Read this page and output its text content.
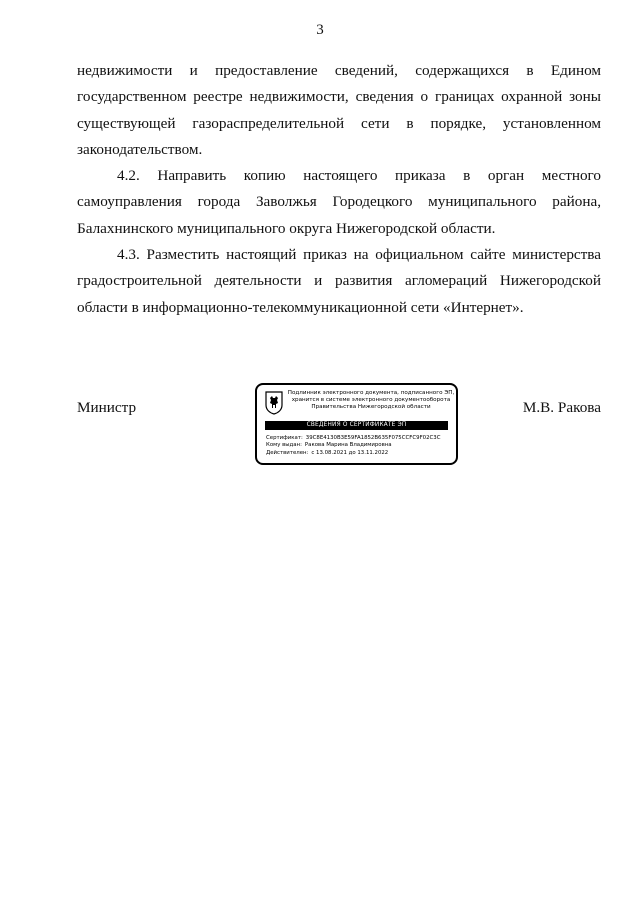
3

недвижимости и предоставление сведений, содержащихся в Едином государственном реестре недвижимости, сведения о границах охранной зоны существующей газораспределительной сети в порядке, установленном законодательством.

4.2. Направить копию настоящего приказа в орган местного самоуправления города Заволжья Городецкого муниципального района, Балахнинского муниципального округа Нижегородской области.

4.3. Разместить настоящий приказ на официальном сайте министерства градостроительной деятельности и развития агломераций Нижегородской области в информационно-телекоммуникационной сети «Интернет».

Министр
Подлинник электронного документа, подписанного ЭП,
хранится в системе электронного документооборота
Правительства Нижегородской области
СВЕДЕНИЯ О СЕРТИФИКАТЕ ЭП
Сертификат: 39C8E4130B3E59FA1852B635F075CCFC9F02C3C
Кому выдан: Ракова Марина Владимировна
Действителен: с 13.08.2021 до 13.11.2022
М.В. Ракова
